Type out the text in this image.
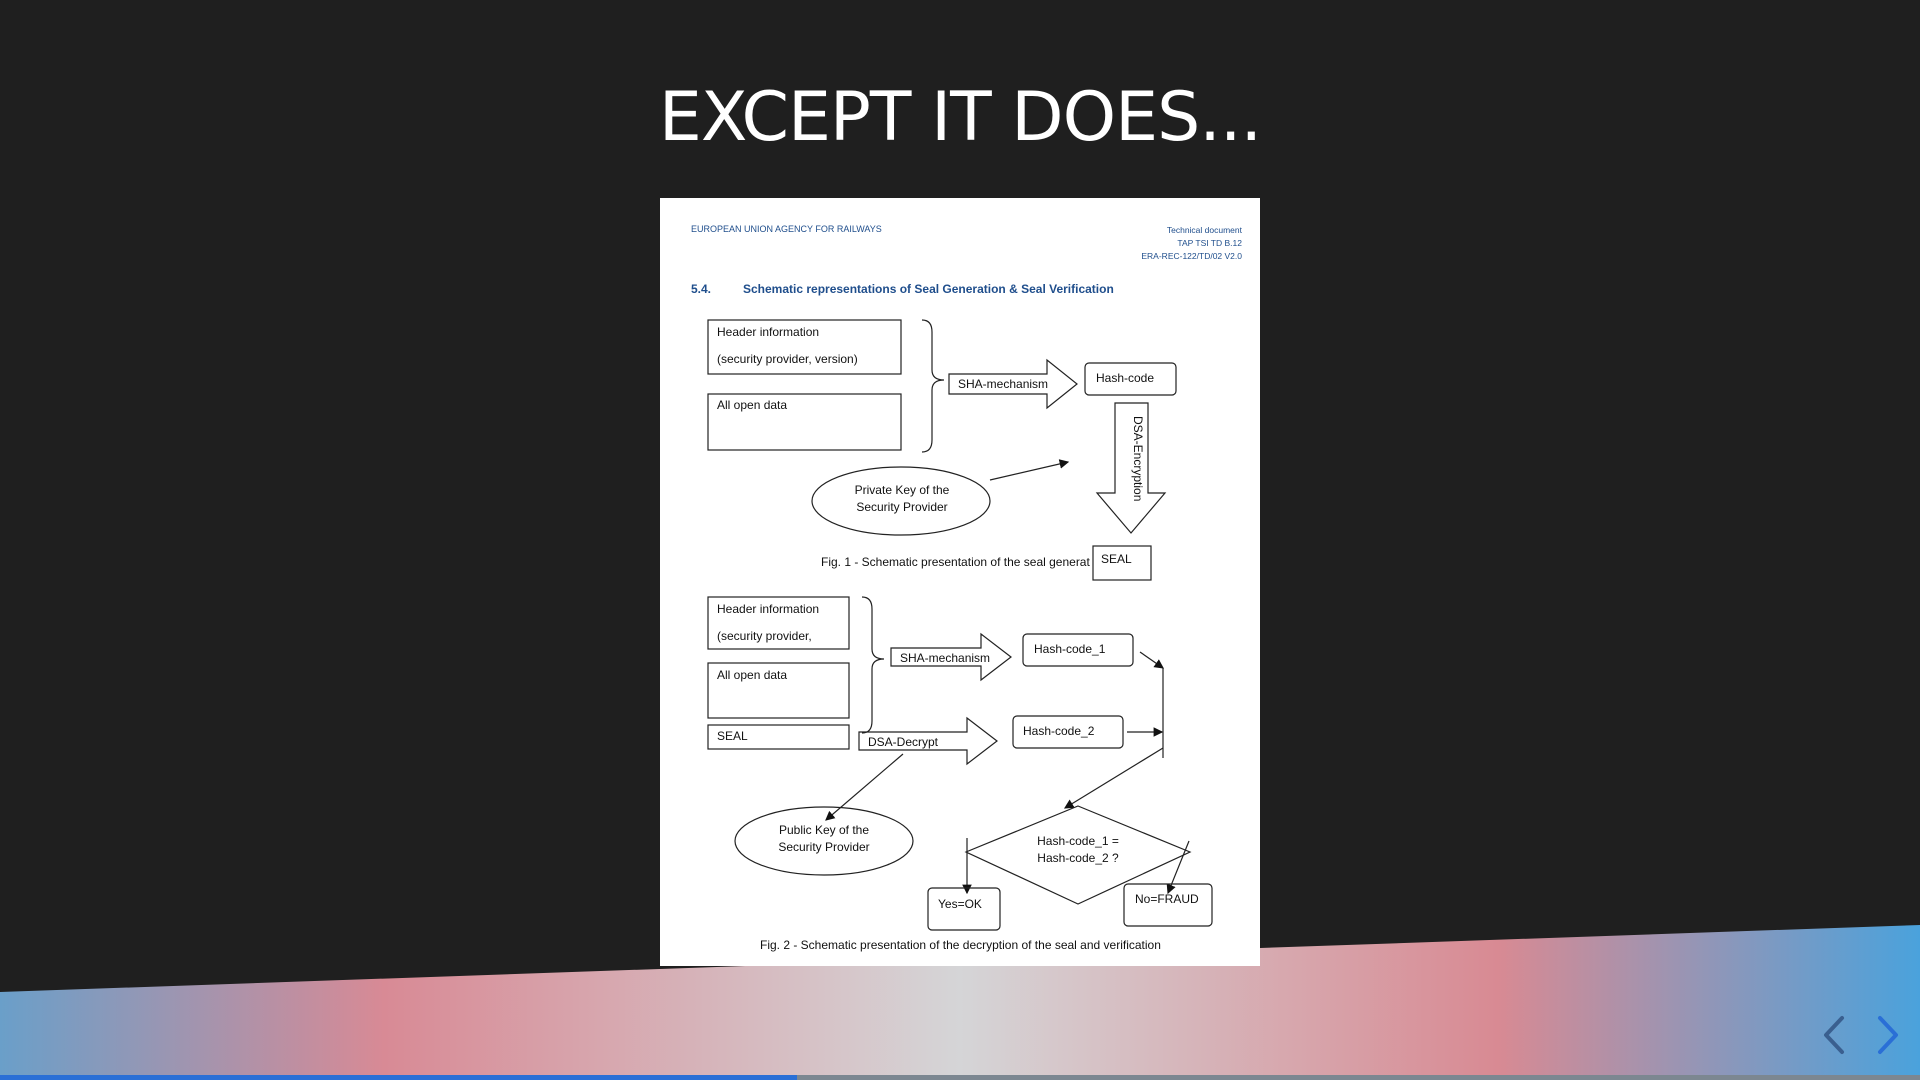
EXCEPT IT DOES...
EUROPEAN UNION AGENCY FOR RAILWAYS	Technical document
TAP TSI TD B.12
ERA-REC-122/TD/02 V2.0
5.4.	Schematic representations of Seal Generation & Seal Verification
Header information
(security provider, version)
All open data
SHA-mechanism	Hash-code
DSA-Encryption
Private Key of the
Security Provider
SEAL
Fig. 1 - Schematic presentation of the seal generat
Header information
(security provider,
All open data
SEAL
SHA-mechanism
Hash-code_1
DSA-Decrypt
Hash-code_2
Public Key of the
Security Provider	Hash-code_1 =
Hash-code_2 ?
Yes=OK	No=FRAUD
Fig. 2 - Schematic presentation of the decryption of the seal and verification
